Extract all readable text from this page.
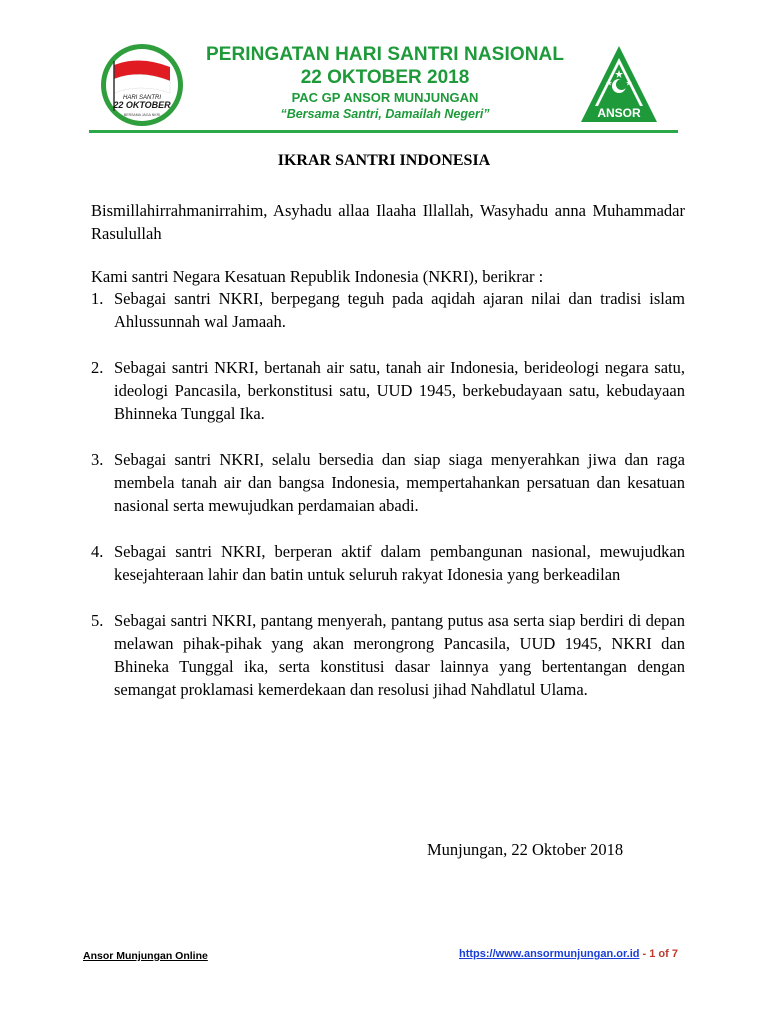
HARI SANTRI
22 OKTOBER
BERSAMA JAGA NKRI
PERINGATAN HARI SANTRI NASIONAL
22 OKTOBER 2018
PAC GP ANSOR MUNJUNGAN
“Bersama Santri, Damailah Negeri”	ANSOR
IKRAR SANTRI INDONESIA
Bismillahirrahmanirrahim, Asyhadu allaa Ilaaha Illallah, Wasyhadu anna Muhammadar Rasulullah
Kami santri Negara Kesatuan Republik Indonesia (NKRI), berikrar :
1. Sebagai santri NKRI, berpegang teguh pada aqidah ajaran nilai dan tradisi islam Ahlussunnah wal Jamaah.
2. Sebagai santri NKRI, bertanah air satu, tanah air Indonesia, berideologi negara satu, ideologi Pancasila, berkonstitusi satu, UUD 1945, berkebudayaan satu, kebudayaan Bhinneka Tunggal Ika.
3. Sebagai santri NKRI, selalu bersedia dan siap siaga menyerahkan jiwa dan raga membela tanah air dan bangsa Indonesia, mempertahankan persatuan dan kesatuan nasional serta mewujudkan perdamaian abadi.
4. Sebagai santri NKRI, berperan aktif dalam pembangunan nasional, mewujudkan kesejahteraan lahir dan batin untuk seluruh rakyat Idonesia yang berkeadilan
5. Sebagai santri NKRI, pantang menyerah, pantang putus asa serta siap berdiri di depan melawan pihak-pihak yang akan merongrong Pancasila, UUD 1945, NKRI dan Bhineka Tunggal ika, serta konstitusi dasar lainnya yang bertentangan dengan semangat proklamasi kemerdekaan dan resolusi jihad Nahdlatul Ulama.
Munjungan, 22 Oktober 2018
Ansor Munjungan Online	https://www.ansormunjungan.or.id - 1 of 7
